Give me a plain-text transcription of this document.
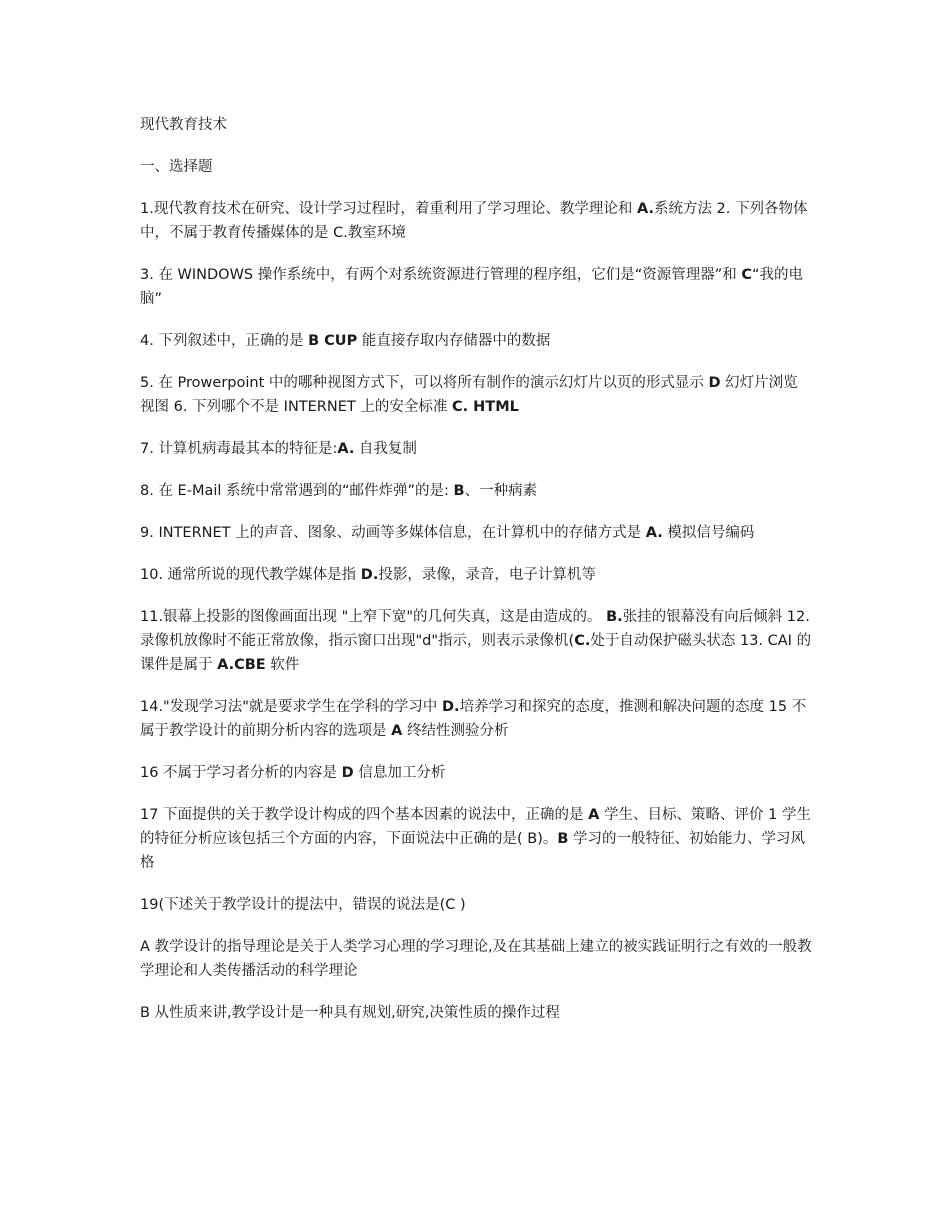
现代教育技术
一、选择题
1.现代教育技术在研究、设计学习过程时，着重利用了学习理论、教学理论和 A.系统方法 2. 下列各物体中，不属于教育传播媒体的是 C.教室环境
3. 在 WINDOWS 操作系统中，有两个对系统资源进行管理的程序组，它们是“资源管理器”和 C“我的电脑”
4. 下列叙述中，正确的是 B CUP 能直接存取内存储器中的数据
5. 在 Prowerpoint 中的哪种视图方式下，可以将所有制作的演示幻灯片以页的形式显示 D 幻灯片浏览视图 6. 下列哪个不是 INTERNET 上的安全标准 C. HTML
7. 计算机病毒最其本的特征是:A. 自我复制
8. 在 E-Mail 系统中常常遇到的“邮件炸弹”的是: B、一种病素
9. INTERNET 上的声音、图象、动画等多媒体信息，在计算机中的存储方式是 A. 模拟信号编码
10. 通常所说的现代教学媒体是指 D.投影，录像，录音，电子计算机等
11.银幕上投影的图像画面出现 "上窄下宽"的几何失真，这是由造成的。 B.张挂的银幕没有向后倾斜 12. 录像机放像时不能正常放像，指示窗口出现"d"指示，则表示录像机(C.处于自动保护磁头状态 13. CAI 的课件是属于 A.CBE 软件
14."发现学习法"就是要求学生在学科的学习中 D.培养学习和探究的态度，推测和解决问题的态度 15 不属于教学设计的前期分析内容的选项是 A 终结性测验分析
16 不属于学习者分析的内容是 D 信息加工分析
17 下面提供的关于教学设计构成的四个基本因素的说法中，正确的是 A 学生、目标、策略、评价 1 学生的特征分析应该包括三个方面的内容，下面说法中正确的是( B)。B 学习的一般特征、初始能力、学习风格
19(下述关于教学设计的提法中，错误的说法是(C )
A 教学设计的指导理论是关于人类学习心理的学习理论,及在其基础上建立的被实践证明行之有效的一般教学理论和人类传播活动的科学理论
B 从性质来讲,教学设计是一种具有规划,研究,决策性质的操作过程
